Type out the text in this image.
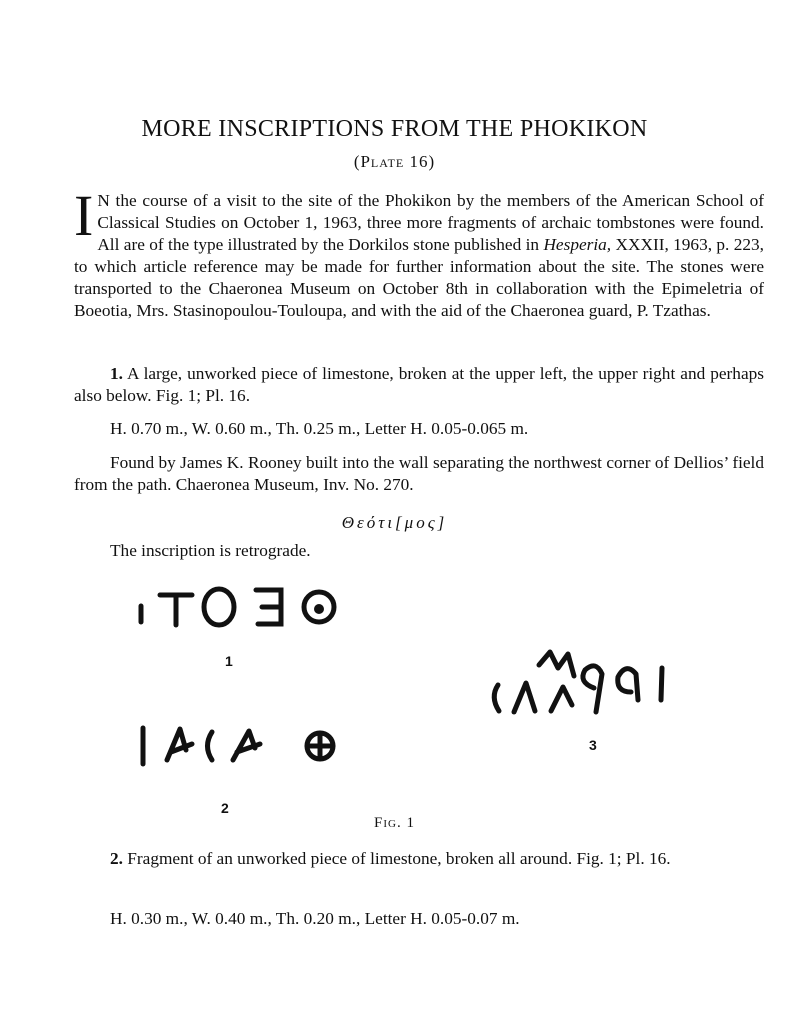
MORE INSCRIPTIONS FROM THE PHOKIKON
(Plate 16)

I N the course of a visit to the site of the Phokikon by the members of the American School of Classical Studies on October 1, 1963, three more fragments of archaic tombstones were found. All are of the type illustrated by the Dorkilos stone published in Hesperia, XXXII, 1963, p. 223, to which article reference may be made for further information about the site. The stones were transported to the Chaeronea Museum on October 8th in collaboration with the Epimeletria of Boeotia, Mrs. Stasinopoulou-Touloupa, and with the aid of the Chaeronea guard, P. Tzathas.

1. A large, unworked piece of limestone, broken at the upper left, the upper right and perhaps also below. Fig. 1; Pl. 16.

H. 0.70 m., W. 0.60 m., Th. 0.25 m., Letter H. 0.05-0.065 m.

Found by James K. Rooney built into the wall separating the northwest corner of Dellios’ field from the path. Chaeronea Museum, Inv. No. 270.

Θεότι[μος]

The inscription is retrograde.

1
2
3
Fig. 1

2. Fragment of an unworked piece of limestone, broken all around. Fig. 1; Pl. 16.

H. 0.30 m., W. 0.40 m., Th. 0.20 m., Letter H. 0.05-0.07 m.
